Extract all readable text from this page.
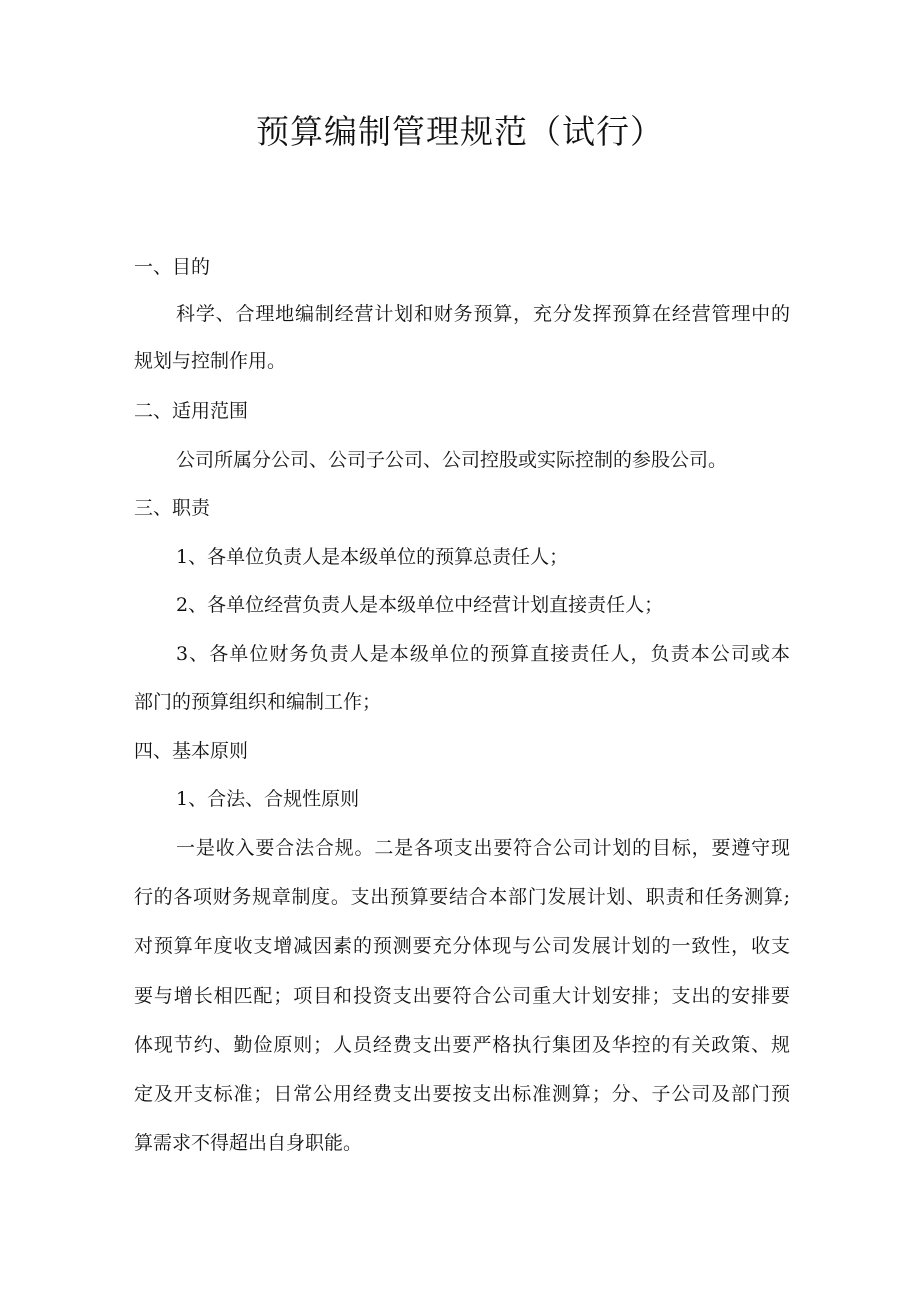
预算编制管理规范（试行）

一、目的

科学、合理地编制经营计划和财务预算，充分发挥预算在经营管理中的

规划与控制作用。

二、适用范围

公司所属分公司、公司子公司、公司控股或实际控制的参股公司。

三、职责

1、各单位负责人是本级单位的预算总责任人；

2、各单位经营负责人是本级单位中经营计划直接责任人；

3、各单位财务负责人是本级单位的预算直接责任人，负责本公司或本

部门的预算组织和编制工作；

四、基本原则

1、合法、合规性原则

一是收入要合法合规。二是各项支出要符合公司计划的目标，要遵守现

行的各项财务规章制度。支出预算要结合本部门发展计划、职责和任务测算;

对预算年度收支增减因素的预测要充分体现与公司发展计划的一致性，收支

要与增长相匹配；项目和投资支出要符合公司重大计划安排；支出的安排要

体现节约、勤俭原则；人员经费支出要严格执行集团及华控的有关政策、规

定及开支标准；日常公用经费支出要按支出标准测算；分、子公司及部门预

算需求不得超出自身职能。
